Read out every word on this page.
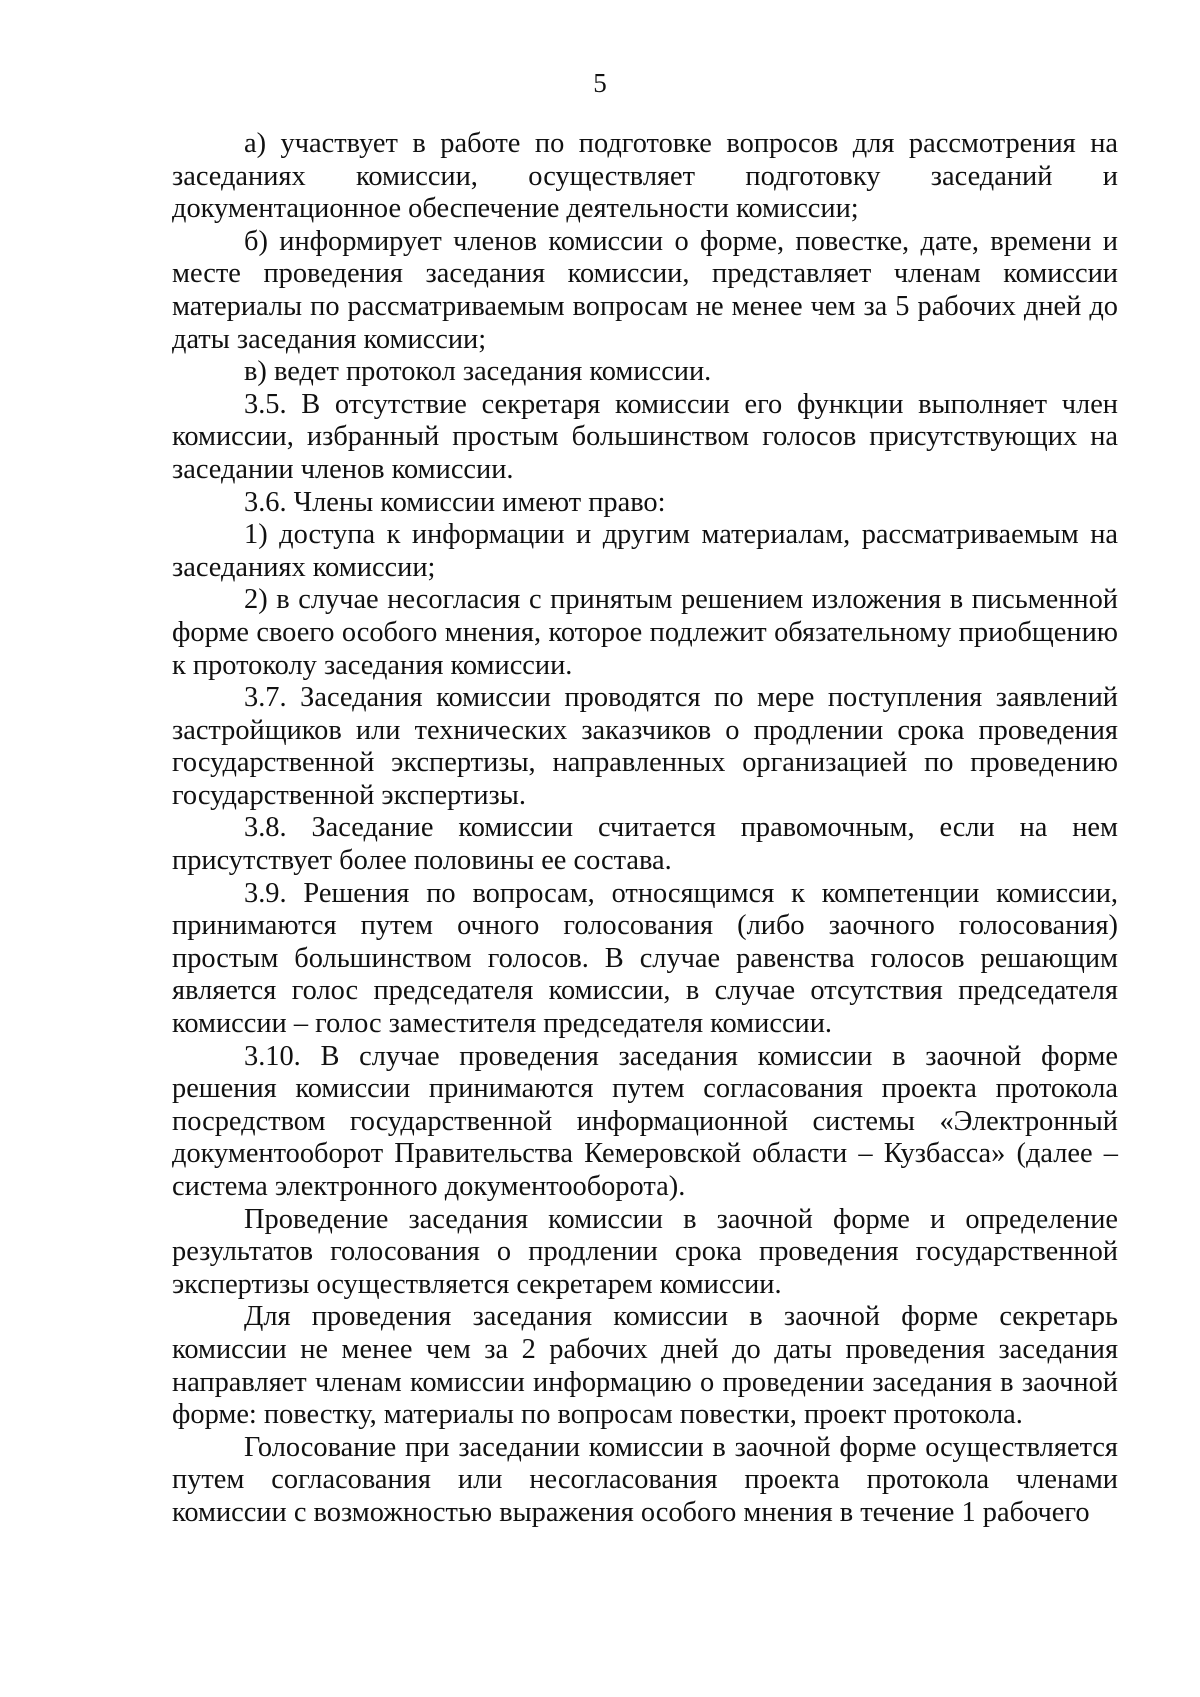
5

а) участвует в работе по подготовке вопросов для рассмотрения на заседаниях комиссии, осуществляет подготовку заседаний и документационное обеспечение деятельности комиссии;

б) информирует членов комиссии о форме, повестке, дате, времени и месте проведения заседания комиссии, представляет членам комиссии материалы по рассматриваемым вопросам не менее чем за 5 рабочих дней до даты заседания комиссии;

в) ведет протокол заседания комиссии.

3.5. В отсутствие секретаря комиссии его функции выполняет член комиссии, избранный простым большинством голосов присутствующих на заседании членов комиссии.

3.6. Члены комиссии имеют право:

1) доступа к информации и другим материалам, рассматриваемым на заседаниях комиссии;

2) в случае несогласия с принятым решением изложения в письменной форме своего особого мнения, которое подлежит обязательному приобщению к протоколу заседания комиссии.

3.7. Заседания комиссии проводятся по мере поступления заявлений застройщиков или технических заказчиков о продлении срока проведения государственной экспертизы, направленных организацией по проведению государственной экспертизы.

3.8. Заседание комиссии считается правомочным, если на нем присутствует более половины ее состава.

3.9. Решения по вопросам, относящимся к компетенции комиссии, принимаются путем очного голосования (либо заочного голосования) простым большинством голосов. В случае равенства голосов решающим является голос председателя комиссии, в случае отсутствия председателя комиссии – голос заместителя председателя комиссии.

3.10. В случае проведения заседания комиссии в заочной форме решения комиссии принимаются путем согласования проекта протокола посредством государственной информационной системы «Электронный документооборот Правительства Кемеровской области – Кузбасса» (далее – система электронного документооборота).

Проведение заседания комиссии в заочной форме и определение результатов голосования о продлении срока проведения государственной экспертизы осуществляется секретарем комиссии.

Для проведения заседания комиссии в заочной форме секретарь комиссии не менее чем за 2 рабочих дней до даты проведения заседания направляет членам комиссии информацию о проведении заседания в заочной форме: повестку, материалы по вопросам повестки, проект протокола.

Голосование при заседании комиссии в заочной форме осуществляется путем согласования или несогласования проекта протокола членами комиссии с возможностью выражения особого мнения в течение 1 рабочего
